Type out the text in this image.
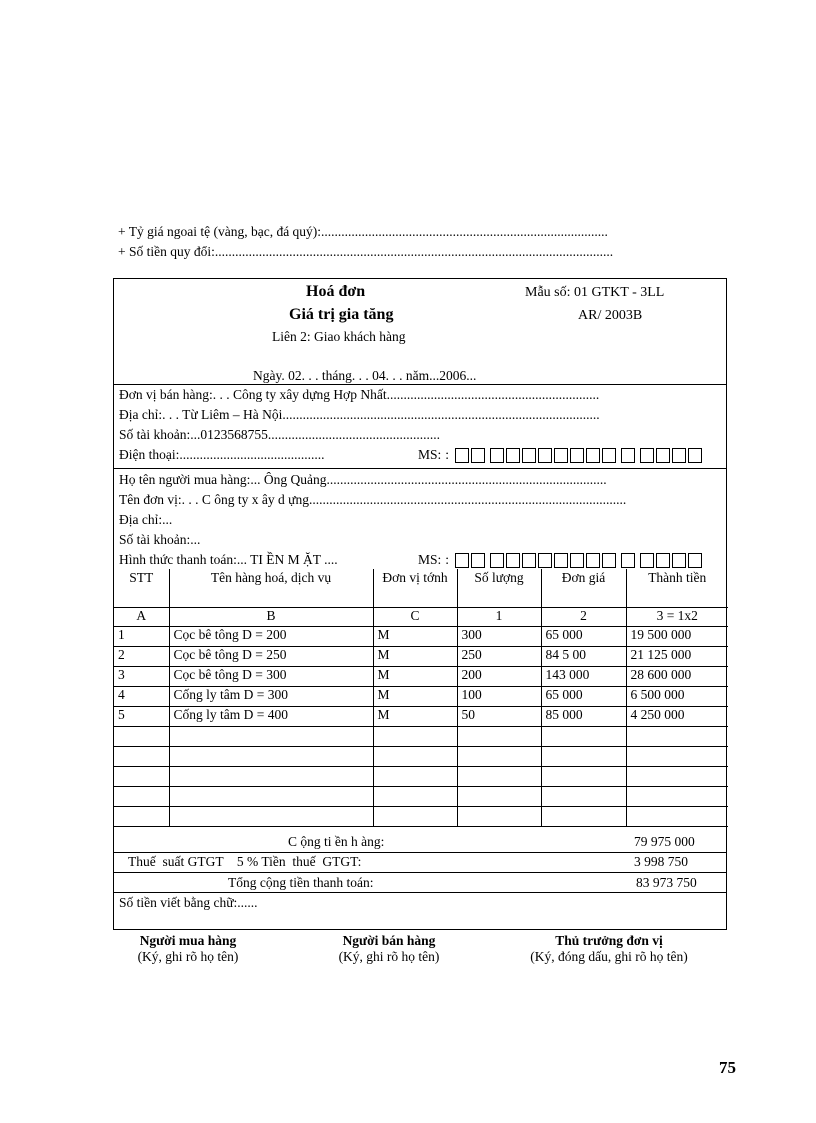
+ Tỷ giá ngoai tệ (vàng, bạc, đá quý):.....................................................................................
+ Số tiền quy đổi:......................................................................................................................
Hoá đơn
Giá trị gia tăng
Liên 2: Giao khách hàng
Mẫu số: 01 GTKT - 3LL
AR/ 2003B
Ngày. 02. . . tháng. . . 04. . . năm...2006...
Đơn vị bán hàng:. . . Công ty xây dựng Hợp Nhất...............................................................
Địa chỉ:. . . Từ Liêm – Hà Nội..............................................................................................
Số tài khoản:...0123568755...................................................
Điện thoại:...........................................	MS: :
Họ tên người mua hàng:... Ông Quảng...................................................................................
Tên đơn vị:. . . C ông ty x ây d ựng..............................................................................................
Địa chỉ:...
Số tài khoản:...
Hình thức thanh toán:... TI ỀN M ẶT ....	MS: :
STT	Tên hàng hoá, dịch vụ	Đơn vị tớnh	Số lượng	Đơn giá	Thành tiền
A	B	C	1	2	3 = 1x2
1	Cọc bê tông D = 200	M	300	65 000	19 500 000
2	Cọc bê tông D = 250	M	250	84 5 00	21 125 000
3	Cọc bê tông D = 300	M	200	143 000	28 600 000
4	Cống ly tâm D = 300	M	100	65 000	6 500 000
5	Cống ly tâm D = 400	M	50	85 000	4 250 000

C ộng ti ền h àng:	79 975 000
Thuế  suất GTGT    5 % Tiền  thuế  GTGT:	3 998 750
Tổng cộng tiền thanh toán:	83 973 750
Số tiền viết bằng chữ:......
Người mua hàng
(Ký, ghi rõ họ tên)
Người bán hàng
(Ký, ghi rõ họ tên)
Thủ trưởng đơn vị
(Ký, đóng dấu, ghi rõ họ tên)
75
